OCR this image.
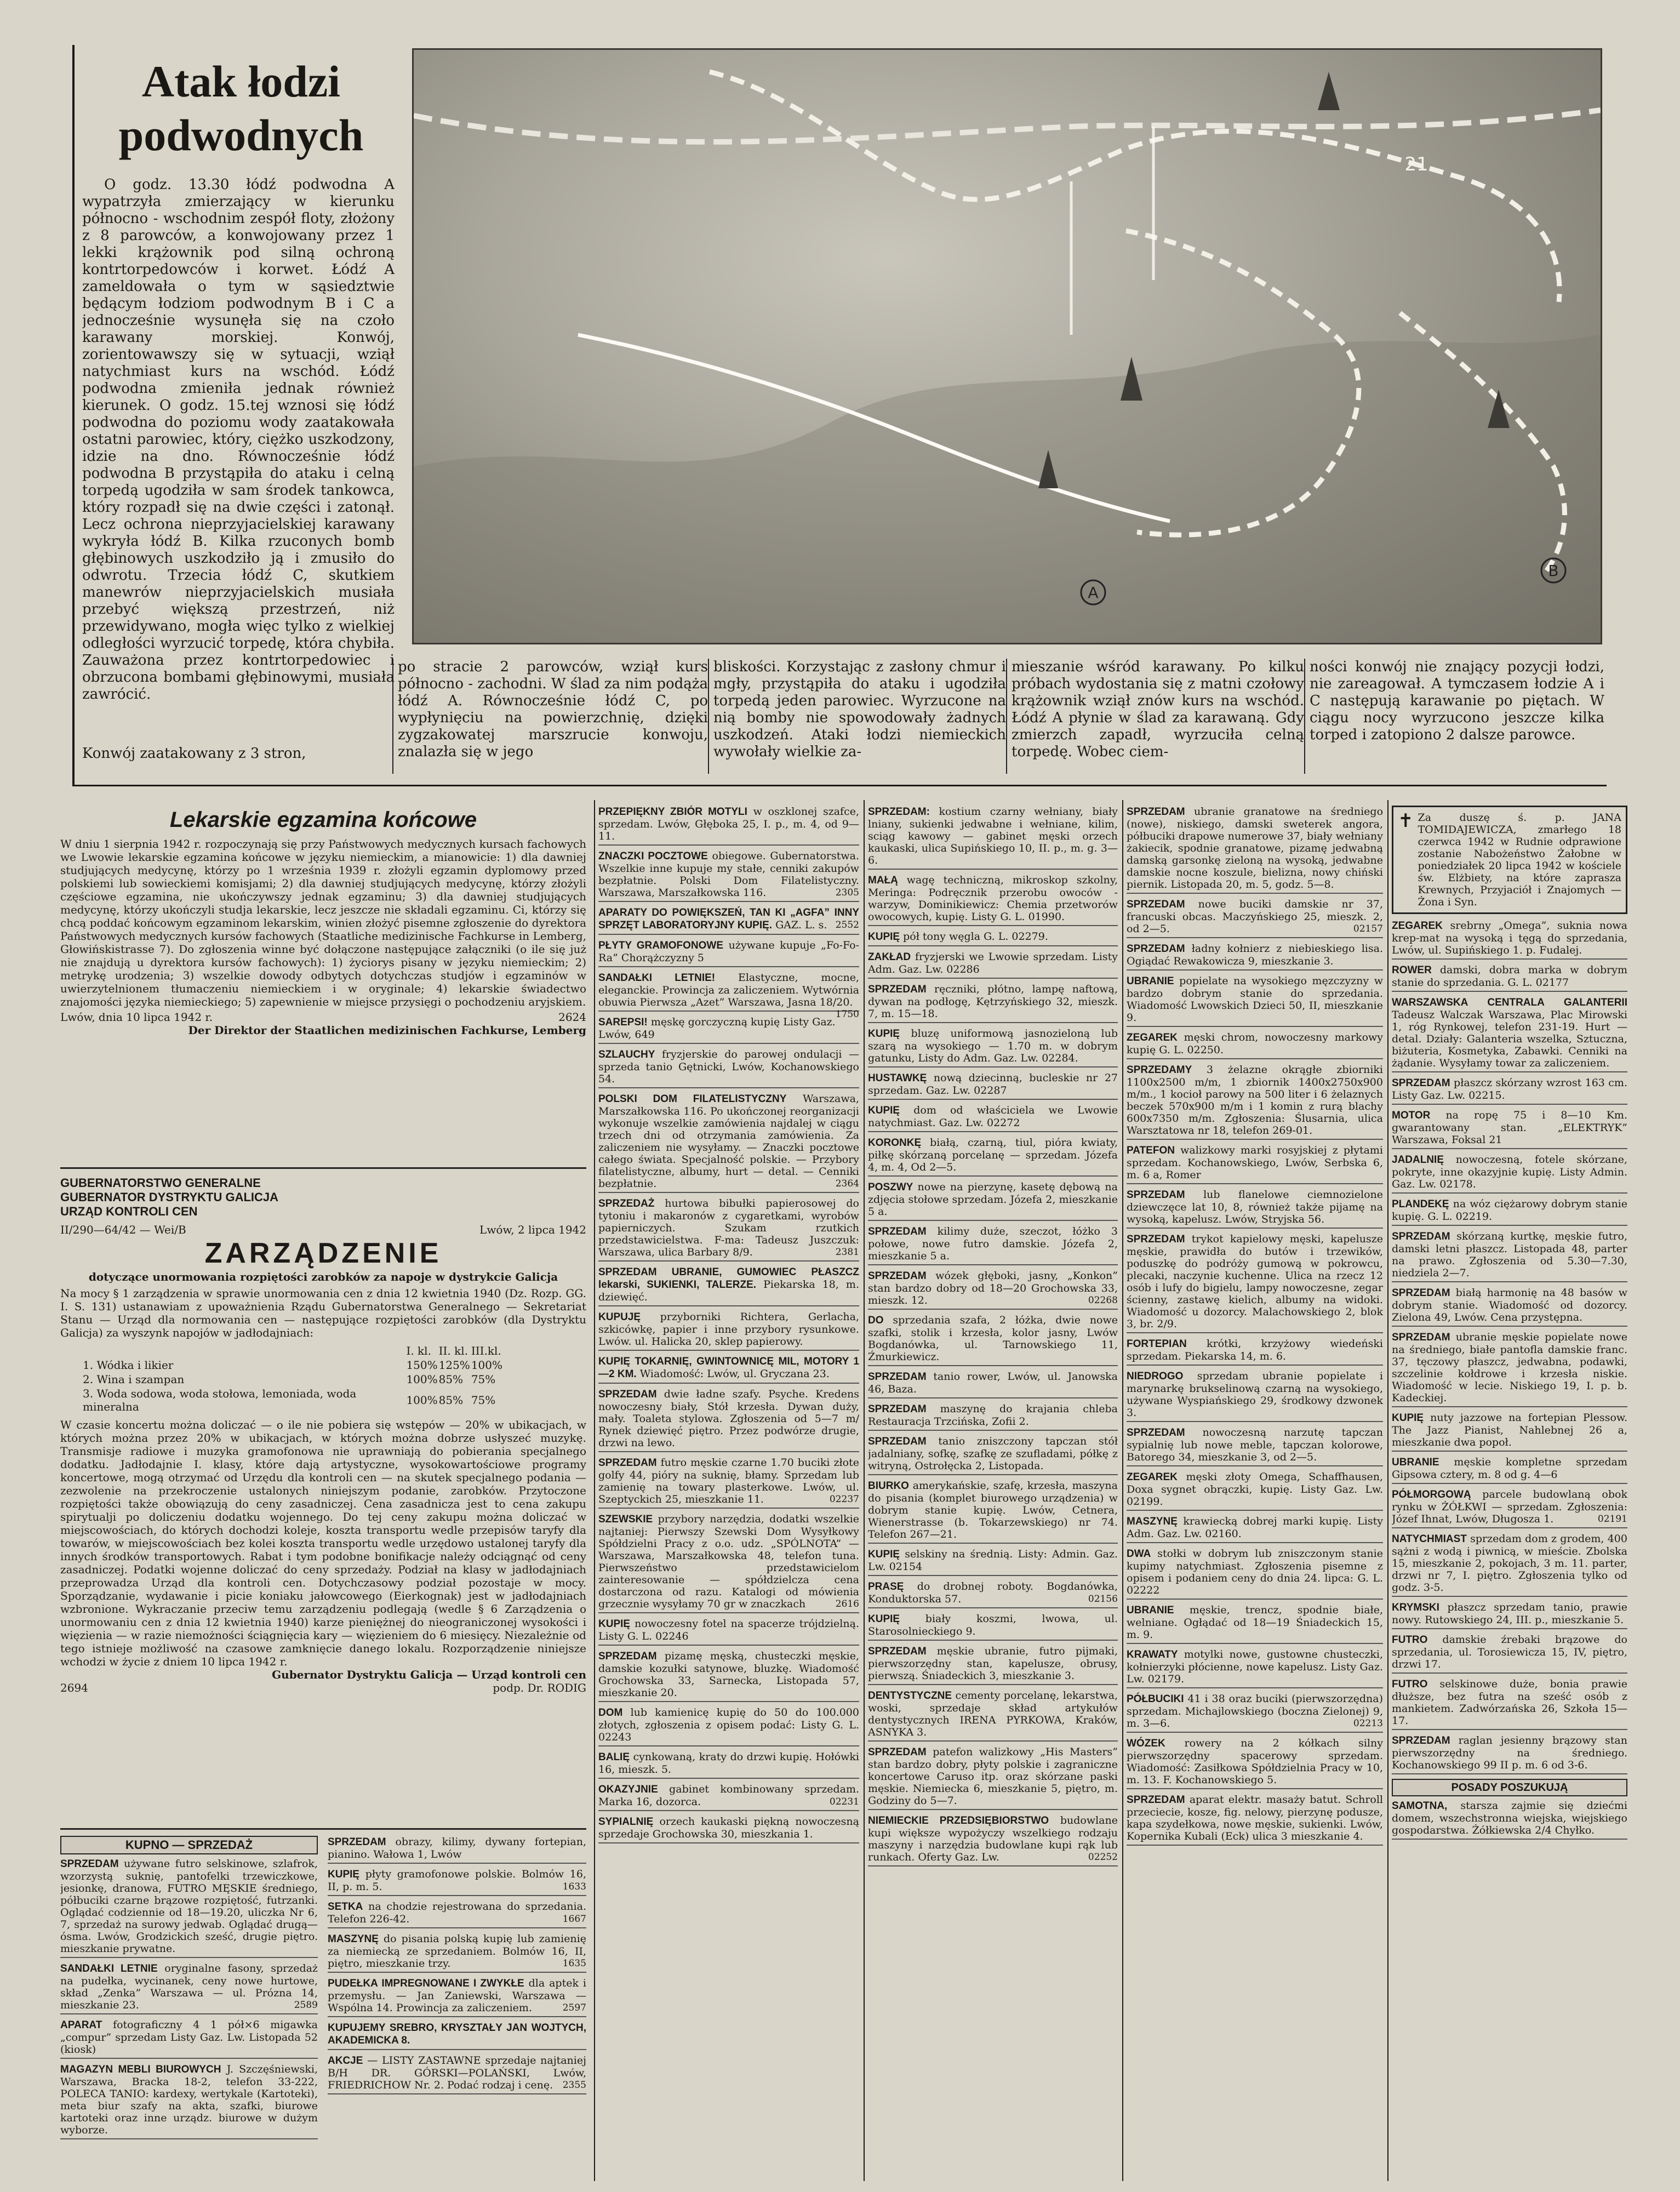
Atak łodzi
podwodnych
O godz. 13.30 łódź podwodna A wypatrzyła zmierzający w kierunku północno - wschodnim zespół floty, złożony z 8 parowców, a konwojowany przez 1 lekki krążownik pod silną ochroną kontrtorpedowców i korwet. Łódź A zameldowała o tym w sąsiedztwie będącym łodziom podwodnym B i C a jednocześnie wysunęła się na czoło karawany morskiej. Konwój, zorientowawszy się w sytuacji, wziął natychmiast kurs na wschód. Łódź podwodna zmieniła jednak również kierunek. O godz. 15.tej wznosi się łódź podwodna do poziomu wody zaatakowała ostatni parowiec, który, ciężko uszkodzony, idzie na dno. Równocześnie łódź podwodna B przystąpiła do ataku i celną torpedą ugodziła w sam środek tankowca, który rozpadł się na dwie części i zatonął. Lecz ochrona nieprzyjacielskiej karawany wykryła łódź B. Kilka rzuconych bomb głębinowych uszkodziło ją i zmusiło do odwrotu. Trzecia łódź C, skutkiem manewrów nieprzyjacielskich musiała przebyć większą przestrzeń, niż przewidywano, mogła więc tylko z wielkiej odległości wyrzucić torpedę, która chybiła. Zauważona przez kontrtorpedowiec i obrzucona bombami głębinowymi, musiała zawrócić.
Konwój zaatakowany z 3 stron,
A
B
21
po stracie 2 parowców, wziął kurs północno - zachodni. W ślad za nim podąża łódź A. Równocześnie łódź C, po wypłynięciu na powierzchnię, dzięki zygzakowatej marszrucie konwoju, znalazła się w jego
bliskości. Korzystając z zasłony chmur i mgły, przystąpiła do ataku i ugodziła torpedą jeden parowiec. Wyrzucone na nią bomby nie spowodowały żadnych uszkodzeń. Ataki łodzi niemieckich wywołały wielkie za-
mieszanie wśród karawany. Po kilku próbach wydostania się z matni czołowy krążownik wziął znów kurs na wschód. Łódź A płynie w ślad za karawaną. Gdy zmierzch zapadł, wyrzuciła celną torpedę. Wobec ciem-
ności konwój nie znający pozycji łodzi, nie zareagował. A tymczasem łodzie A i C następują karawanie po piętach. W ciągu nocy wyrzucono jeszcze kilka torped i zatopiono 2 dalsze parowce.
Lekarskie egzamina końcowe
W dniu 1 sierpnia 1942 r. rozpoczynają się przy Państwowych medycznych kursach fachowych we Lwowie lekarskie egzamina końcowe w języku niemieckim, a mianowicie: 1) dla dawniej studjujących medycynę, którzy po 1 września 1939 r. złożyli egzamin dyplomowy przed polskiemi lub sowieckiemi komisjami; 2) dla dawniej studjujących medycynę, którzy złożyli częściowe egzamina, nie ukończywszy jednak egzaminu; 3) dla dawniej studjujących medycynę, którzy ukończyli studja lekarskie, lecz jeszcze nie składali egzaminu. Ci, którzy się chcą poddać końcowym egzaminom lekarskim, winien złożyć pisemne zgłoszenie do dyrektora Państwowych medycznych kursów fachowych (Staatliche medizinische Fachkurse in Lemberg, Głowińskistrasse 7). Do zgłoszenia winne być dołączone następujące załączniki (o ile się już nie znajdują u dyrektora kursów fachowych): 1) życiorys pisany w języku niemieckim; 2) metrykę urodzenia; 3) wszelkie dowody odbytych dotychczas studjów i egzaminów w uwierzytelnionem tłumaczeniu niemieckiem i w oryginale; 4) lekarskie świadectwo znajomości języka niemieckiego; 5) zapewnienie w miejsce przysięgi o pochodzeniu aryjskiem.
Lwów, dnia 10 lipca 1942 r.	2624
Der Direktor der Staatlichen medizinischen Fachkurse, Lemberg
GUBERNATORSTWO GENERALNE
GUBERNATOR DYSTRYKTU GALICJA
URZĄD KONTROLI CEN
II/290—64/42 — Wei/B	Lwów, 2 lipca 1942
ZARZĄDZENIE
dotyczące unormowania rozpiętości zarobków za napoje w dystrykcie Galicja
Na mocy § 1 zarządzenia w sprawie unormowania cen z dnia 12 kwietnia 1940 (Dz. Rozp. GG. I. S. 131) ustanawiam z upoważnienia Rządu Gubernatorstwa Generalnego — Sekretariat Stanu — Urząd dla normowania cen — następujące rozpiętości zarobków (dla Dystryktu Galicja) za wyszynk napojów w jadłodajniach:
	I. kl.	II. kl.	III.kl.
1. Wódka i likier	150%	125%	100%
2. Wina i szampan	100%	85%	75%
3. Woda sodowa, woda stołowa, lemoniada, woda mineralna	100%	85%	75%
W czasie koncertu można doliczać — o ile nie pobiera się wstępów — 20% w ubikacjach, w których można przez 20% w ubikacjach, w których można dobrze usłyszeć muzykę. Transmisje radiowe i muzyka gramofonowa nie uprawniają do pobierania specjalnego dodatku. Jadłodajnie I. klasy, które dają artystyczne, wysokowartościowe programy koncertowe, mogą otrzymać od Urzędu dla kontroli cen — na skutek specjalnego podania — zezwolenie na przekroczenie ustalonych niniejszym podanie, zarobków. Przytoczone rozpiętości także obowiązują do ceny zasadniczej. Cena zasadnicza jest to cena zakupu spirytualji po doliczeniu dodatku wojennego. Do tej ceny zakupu można doliczać w miejscowościach, do których dochodzi koleje, koszta transportu wedle przepisów taryfy dla towarów, w miejscowościach bez kolei koszta transportu wedle urzędowo ustalonej taryfy dla innych środków transportowych. Rabat i tym podobne bonifikacje należy odciągnąć od ceny zasadniczej. Podatki wojenne doliczać do ceny sprzedaży. Podział na klasy w jadłodajniach przeprowadza Urząd dla kontroli cen. Dotychczasowy podział pozostaje w mocy. Sporządzanie, wydawanie i picie koniaku jałowcowego (Eierkognak) jest w jadłodajniach wzbronione. Wykraczanie przeciw temu zarządzeniu podlegają (wedle § 6 Zarządzenia o unormowaniu cen z dnia 12 kwietnia 1940) karze pieniężnej do nieograniczonej wysokości i więzienia — w razie niemożności ściągnięcia kary — więzieniem do 6 miesięcy. Niezależnie od tego istnieje możliwość na czasowe zamknięcie danego lokalu. Rozporządzenie niniejsze wchodzi w życie z dniem 10 lipca 1942 r.
Gubernator Dystryktu Galicja — Urząd kontroli cen
2694	podp. Dr. RODIG
KUPNO — SPRZEDAŻ
SPRZEDAM używane futro selskinowe, szlafrok, wzorzystą suknię, pantofelki trzewiczkowe, jesionkę, dranowa, FUTRO MĘSKIE średniego, półbuciki czarne brązowe rozpiętość, futrzanki. Oglądać codziennie od 18—19.20, uliczka Nr 6, 7, sprzedaż na surowy jedwab. Oglądać drugą—ósma. Lwów, Grodzickich sześć, drugie piętro. mieszkanie prywatne.
SANDAŁKI LETNIE oryginalne fasony, sprzedaż na pudełka, wycinanek, ceny nowe hurtowe, skład „Zenka” Warszawa — ul. Prózna 14, mieszkanie 23.	2589
APARAT fotograficzny 4 1 pół×6 migawka „compur” sprzedam Listy Gaz. Lw. Listopada 52 (kiosk)
MAGAZYN MEBLI BIUROWYCH J. Szczęśniewski, Warszawa, Bracka 18-2, telefon 33-222, POLECA TANIO: kardexy, wertykale (Kartoteki), meta biur szafy na akta, szafki, biurowe kartoteki oraz inne urządz. biurowe w dużym wyborze.
SPRZEDAM obrazy, kilimy, dywany fortepian, pianino. Wałowa 1, Lwów
KUPIĘ płyty gramofonowe polskie. Bolmów 16, II, p. m. 5.	1633
SETKA na chodzie rejestrowana do sprzedania. Telefon 226-42.	1667
MASZYNĘ do pisania polską kupię lub zamienię za niemiecką ze sprzedaniem. Bolmów 16, II, piętro, mieszkanie trzy.	1635
PUDEŁKA IMPREGNOWANE I ZWYKŁE dla aptek i przemysłu. — Jan Zaniewski, Warszawa — Wspólna 14. Prowincja za zaliczeniem.	2597
KUPUJEMY SREBRO, KRYSZTAŁY JAN WOJTYCH, AKADEMICKA 8.
AKCJE — LISTY ZASTAWNE sprzedaje najtaniej B/H DR. GÓRSKI—POLAŃSKI, Lwów, FRIEDRICHOW Nr. 2. Podać rodzaj i cenę. 2355
PRZEPIĘKNY ZBIÓR MOTYLI w oszklonej szafce, sprzedam. Lwów, Głęboka 25, I. p., m. 4, od 9—11.
ZNACZKI POCZTOWE obiegowe. Gubernatorstwa. Wszelkie inne kupuje my stałe, cenniki zakupów bezpłatnie. Polski Dom Filatelistyczny. Warszawa, Marszałkowska 116.	2305
APARATY DO POWIĘKSZEŃ, TAN KI „AGFA” INNY SPRZĘT LABORATORYJNY KUPIĘ. GAZ. L. s. 2552
PŁYTY GRAMOFONOWE używane kupuje „Fo-Fo-Ra” Chorążczyzny 5
SANDAŁKI LETNIE! Elastyczne, mocne, eleganckie. Prowincja za zaliczeniem. Wytwórnia obuwia Pierwsza „Azet” Warszawa, Jasna 18/20.
1750
SAREPSI! męskę gorczyczną kupię Listy Gaz. Lwów, 649
SZLAUCHY fryzjerskie do parowej ondulacji — sprzeda tanio Gętnicki, Lwów, Kochanowskiego 54.
POLSKI DOM FILATELISTYCZNY Warszawa, Marszałkowska 116. Po ukończonej reorganizacji wykonuje wszelkie zamówienia najdalej w ciągu trzech dni od otrzymania zamówienia. Za zaliczeniem nie wysyłamy. — Znaczki pocztowe całego świata. Specjalność polskie. — Przybory filatelistyczne, albumy, hurt — detal. — Cenniki bezpłatnie.	2364
SPRZEDAŻ hurtowa bibułki papierosowej do tytoniu i makaronów z cygaretkami, wyrobów papierniczych. Szukam rzutkich przedstawicielstwa. F-ma: Tadeusz Juszczuk: Warszawa, ulica Barbary 8/9.	2381
SPRZEDAM UBRANIE, GUMOWIEC PŁASZCZ lekarski, SUKIENKI, TALERZE. Piekarska 18, m. dziewięć.
KUPUJĘ przyborniki Richtera, Gerlacha, szkicówkę, papier i inne przybory rysunkowe. Lwów. ul. Halicka 20, sklep papierowy.
KUPIĘ TOKARNIĘ, GWINTOWNICĘ MIL, MOTORY 1—2 KM. Wiadomość: Lwów, ul. Gryczana 23.
SPRZEDAM dwie ładne szafy. Psyche. Kredens nowoczesny biały, Stół krzesła. Dywan duży, mały. Toaleta stylowa. Zgłoszenia od 5—7 m/ Rynek dziewięć piętro. Przez podwórze drugie, drzwi na lewo.
SPRZEDAM futro męskie czarne 1.70 buciki złote golfy 44, pióry na suknię, błamy. Sprzedam lub zamienię na towary plasterkowe. Lwów, ul. Szeptyckich 25, mieszkanie 11.	02237
SZEWSKIE przybory narzędzia, dodatki wszelkie najtaniej: Pierwszy Szewski Dom Wysyłkowy Spółdzielni Pracy z o.o. udz. „SPÓLNOTA” — Warszawa, Marszałkowska 48, telefon tuna. Pierwszeństwo przedstawicielom zainteresowanie — spółdzielcza cena dostarczona od razu. Katalogi od mówienia grzecznie wysyłamy 70 gr w znaczkach	2616
KUPIĘ nowoczesny fotel na spacerze trójdzielną. Listy G. L. 02246
SPRZEDAM pizamę męską, chusteczki męskie, damskie kozułki satynowe, bluzkę. Wiadomość Grochowska 33, Sarnecka, Listopada 57, mieszkanie 20.
DOM lub kamienicę kupię do 50 do 100.000 złotych, zgłoszenia z opisem podać: Listy G. L. 02243
BALIĘ cynkowaną, kraty do drzwi kupię. Hołówki 16, mieszk. 5.
OKAZYJNIE gabinet kombinowany sprzedam. Marka 16, dozorca.	02231
SYPIALNIĘ orzech kaukaski piękną nowoczesną sprzedaje Grochowska 30, mieszkania 1.
SPRZEDAM: kostium czarny wełniany, biały lniany, sukienki jedwabne i wełniane, kilim, sciąg kawowy — gabinet męski orzech kaukaski, ulica Supińskiego 10, II. p., m. g. 3—6.
MAŁĄ wagę techniczną, mikroskop szkolny, Meringa: Podręcznik przerobu owoców - warzyw, Dominikiewicz: Chemia przetworów owocowych, kupię. Listy G. L. 01990.
KUPIĘ pół tony węgla G. L. 02279.
ZAKŁAD fryzjerski we Lwowie sprzedam. Listy Adm. Gaz. Lw. 02286
SPRZEDAM ręczniki, płótno, lampę naftową, dywan na podłogę, Kętrzyńskiego 32, mieszk. 7, m. 15—18.
KUPIĘ bluzę uniformową jasnozieloną lub szarą na wysokiego — 1.70 m. w dobrym gatunku, Listy do Adm. Gaz. Lw. 02284.
HUSTAWKĘ nową dziecinną, bucleskie nr 27 sprzedam. Gaz. Lw. 02287
KUPIĘ dom od właściciela we Lwowie natychmiast. Gaz. Lw. 02272
KORONKĘ białą, czarną, tiul, pióra kwiaty, piłkę skórzaną porcelanę — sprzedam. Józefa 4, m. 4, Od 2—5.
POSZWY nowe na pierzynę, kasetę dębową na zdjęcia stołowe sprzedam. Józefa 2, mieszkanie 5 a.
SPRZEDAM kilimy duże, szeczot, łóżko 3 połowe, nowe futro damskie. Józefa 2, mieszkanie 5 a.
SPRZEDAM wózek głęboki, jasny, „Konkon” stan bardzo dobry od 18—20 Grochowska 33, mieszk. 12.	02268
DO sprzedania szafa, 2 łóżka, dwie nowe szafki, stolik i krzesła, kolor jasny, Lwów Bogdanówka, ul. Tarnowskiego 11, Źmurkiewicz.
SPRZEDAM tanio rower, Lwów, ul. Janowska 46, Baza.
SPRZEDAM maszynę do krajania chleba Restauracja Trzcińska, Zofii 2.
SPRZEDAM tanio zniszczony tapczan stół jadalniany, sofkę, szafkę ze szufladami, półkę z witryną, Ostrołęcka 2, Listopada.
BIURKO amerykańskie, szafę, krzesła, maszyna do pisania (komplet biurowego urządzenia) w dobrym stanie kupię. Lwów, Cetnera, Wienerstrasse (b. Tokarzewskiego) nr 74. Telefon 267—21.
KUPIĘ selskiny na średnią. Listy: Admin. Gaz. Lw. 02154
PRASĘ do drobnej roboty. Bogdanówka, Konduktorska 57.	02156
KUPIĘ biały koszmi, lwowa, ul. Starosolnieckiego 9.
SPRZEDAM męskie ubranie, futro pijmaki, pierwszorzędny stan, kapelusze, obrusy, pierwszą. Śniadeckich 3, mieszkanie 3.
DENTYSTYCZNE cementy porcelanę, lekarstwa, woski, sprzedaje skład artykułów dentystycznych IRENA PYRKOWA, Kraków, ASNYKA 3.
SPRZEDAM patefon walizkowy „His Masters” stan bardzo dobry, płyty polskie i zagraniczne koncertowe Caruso itp. oraz skórzane paski męskie. Niemiecka 6, mieszkanie 5, piętro, m. Godziny do 5—7.
NIEMIECKIE PRZEDSIĘBIORSTWO budowlane kupi większe wypożyczy wszelkiego rodzaju maszyny i narzędzia budowlane kupi rąk lub runkach. Oferty Gaz. Lw.	02252
SPRZEDAM ubranie granatowe na średniego (nowe), niskiego, damski sweterek angora, półbuciki drapowe numerowe 37, biały wełniany żakiecik, spodnie granatowe, pizamę jedwabną damską garsonkę zieloną na wysoką, jedwabne damskie nocne koszule, bielizna, nowy chiński piernik. Listopada 20, m. 5, godz. 5—8.
SPRZEDAM nowe buciki damskie nr 37, francuski obcas. Maczyńskiego 25, mieszk. 2, od 2—5.	02157
SPRZEDAM ładny kołnierz z niebieskiego lisa. Ogiądać Rewakowicza 9, mieszkanie 3.
UBRANIE popielate na wysokiego męzczyzny w bardzo dobrym stanie do sprzedania. Wiadomość Lwowskich Dzieci 50, II, mieszkanie 9.
ZEGAREK męski chrom, nowoczesny markowy kupię G. L. 02250.
SPRZEDAMY 3 żelazne okrągłe zbiorniki 1100x2500 m/m, 1 zbiornik 1400x2750x900 m/m., 1 kocioł parowy na 500 liter i 6 żelaznych beczek 570x900 m/m i 1 komin z rurą blachy 600x7350 m/m. Zgłoszenia: Ślusarnia, ulica Warsztatowa nr 18, telefon 269-01.
PATEFON walizkowy marki rosyjskiej z płytami sprzedam. Kochanowskiego, Lwów, Serbska 6, m. 6 a, Romer
SPRZEDAM lub flanelowe ciemnozielone dziewczęce lat 10, 8, również także pijamę na wysoką, kapelusz. Lwów, Stryjska 56.
SPRZEDAM trykot kapielowy męski, kapelusze męskie, prawidła do butów i trzewików, poduszkę do podróży gumową w pokrowcu, plecaki, naczynie kuchenne. Ulica na rzecz 12 osób i lufy do bigielu, lampy nowoczesne, zegar ścienny, zastawę kielich, albumy na widoki. Wiadomość u dozorcy. Malachowskiego 2, blok 3, br. 2/9.
FORTEPIAN krótki, krzyżowy wiedeński sprzedam. Piekarska 14, m. 6.
NIEDROGO sprzedam ubranie popielate i marynarkę brukselinową czarną na wysokiego, używane Wyspiańskiego 29, środkowy dzwonek 3.
SPRZEDAM nowoczesną narzutę tapczan sypialnię lub nowe meble, tapczan kolorowe, Batorego 34, mieszkanie 3, od 2—5.
ZEGAREK męski złoty Omega, Schaffhausen, Doxa sygnet obrączki, kupię. Listy Gaz. Lw. 02199.
MASZYNĘ krawiecką dobrej marki kupię. Listy Adm. Gaz. Lw. 02160.
DWA stołki w dobrym lub zniszczonym stanie kupimy natychmiast. Zgłoszenia pisemne z opisem i podaniem ceny do dnia 24. lipca: G. L. 02222
UBRANIE męskie, trencz, spodnie białe, welniane. Ogłądać od 18—19 Śniadeckich 15, m. 9.
KRAWATY motylki nowe, gustowne chusteczki, kołnierzyki płócienne, nowe kapelusz. Listy Gaz. Lw. 02179.
PÓŁBUCIKI 41 i 38 oraz buciki (pierwszorzędna) sprzedam. Michajlowskiego (boczna Zielonej) 9, m. 3—6.	02213
WÓZEK rowery na 2 kółkach silny pierwszorzędny spacerowy sprzedam. Wiadomość: Zasiłkowa Spółdzielnia Pracy w 10, m. 13. F. Kochanowskiego 5.
SPRZEDAM aparat elektr. masaży batut. Schroll przeciecie, kosze, fig. nelowy, pierzynę podusze, kapa szydełkowa, nowe męskie, sukienki. Lwów, Kopernika Kubali (Eck) ulica 3 mieszkanie 4.
✝ Za duszę ś. p. JANA TOMIDAJEWICZA, zmarłego 18 czerwca 1942 w Rudnie odprawione zostanie Nabożeństwo Żałobne w poniedziałek 20 lipca 1942 w kościele św. Elżbiety, na które zaprasza Krewnych, Przyjaciół i Znajomych — Żona i Syn.
ZEGAREK srebrny „Omega”, suknia nowa krep-mat na wysoką i tęgą do sprzedania, Lwów, ul. Supińskiego 1. p. Fudalej.
ROWER damski, dobra marka w dobrym stanie do sprzedania. G. L. 02177
WARSZAWSKA CENTRALA GALANTERII Tadeusz Walczak Warszawa, Plac Mirowski 1, róg Rynkowej, telefon 231-19. Hurt — detal. Działy: Galanteria wszelka, Sztuczna, biżuteria, Kosmetyka, Zabawki. Cenniki na żądanie. Wysyłamy towar za zaliczeniem.
SPRZEDAM płaszcz skórzany wzrost 163 cm. Listy Gaz. Lw. 02215.
MOTOR na ropę 75 i 8—10 Km. gwarantowany stan. „ELEKTRYK” Warszawa, Foksal 21
JADALNIĘ nowoczesną, fotele skórzane, pokryte, inne okazyjnie kupię. Listy Admin. Gaz. Lw. 02178.
PLANDEKĘ na wóz ciężarowy dobrym stanie kupię. G. L. 02219.
SPRZEDAM skórzaną kurtkę, męskie futro, damski letni płaszcz. Listopada 48, parter na prawo. Zgłoszenia od 5.30—7.30, niedziela 2—7.
SPRZEDAM białą harmonię na 48 basów w dobrym stanie. Wiadomość od dozorcy. Zielona 49, Lwów. Cena przystępna.
SPRZEDAM ubranie męskie popielate nowe na średniego, białe pantofla damskie franc. 37, tęczowy płaszcz, jedwabna, podawki, szczelinie kołdrowe i krzesła niskie. Wiadomość w lecie. Niskiego 19, I. p. b. Kadeckiej.
KUPIĘ nuty jazzowe na fortepian Plessow. The Jazz Pianist, Nahlebnej 26 a, mieszkanie dwa popoł.
UBRANIE męskie kompletne sprzedam Gipsowa cztery, m. 8 od g. 4—6
PÓŁMORGOWĄ parcele budowlaną obok rynku w ŻÓŁKWI — sprzedam. Zgłoszenia: Józef Ihnat, Lwów, Długosza 1.	02191
NATYCHMIAST sprzedam dom z grodem, 400 sążni z wodą i piwnicą, w mieście. Zbolska 15, mieszkanie 2, pokojach, 3 m. 11. parter, drzwi nr 7, I. piętro. Zgłoszenia tylko od godz. 3-5.
KRYMSKI płaszcz sprzedam tanio, prawie nowy. Rutowskiego 24, III. p., mieszkanie 5.
FUTRO damskie źrebaki brązowe do sprzedania, ul. Torosiewicza 15, IV, piętro, drzwi 17.
FUTRO selskinowe duże, bonia prawie dłuższe, bez futra na sześć osób z mankietem. Zadwórzańska 26, Szkoła 15—17.
SPRZEDAM raglan jesienny brązowy stan pierwszorzędny na średniego. Kochanowskiego 99 II p. m. 6 od 3-6.
POSADY POSZUKUJĄ
SAMOTNA, starsza zajmie się dziećmi domem, wszechstronna wiejska, wiejskiego gospodarstwa. Żółkiewska 2/4 Chyłko.
